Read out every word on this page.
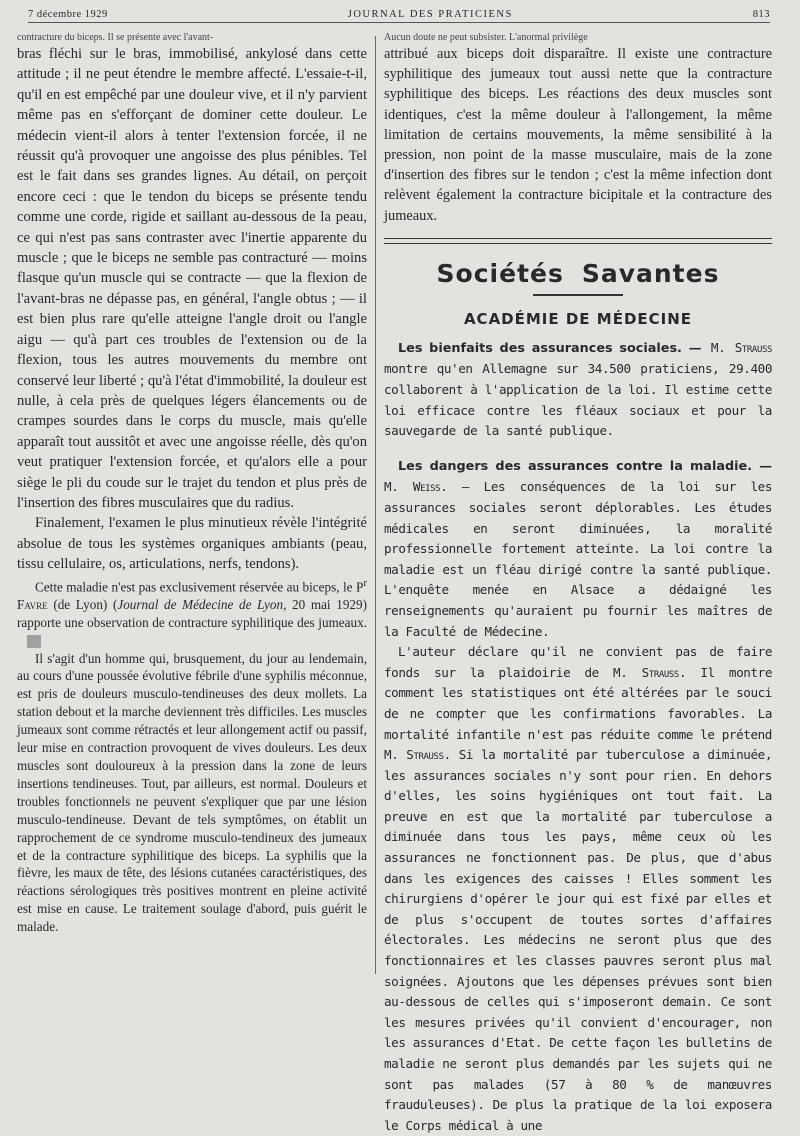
7 décembre 1929	JOURNAL DES PRATICIENS	813

contracture du biceps. Il se présente avec l'avant-

bras fléchi sur le bras, immobilisé, ankylosé dans cette attitude ; il ne peut étendre le membre affecté. L'essaie-t-il, qu'il en est empêché par une douleur vive, et il n'y parvient même pas en s'efforçant de dominer cette douleur. Le médecin vient-il alors à tenter l'extension forcée, il ne réussit qu'à provoquer une angoisse des plus pénibles. Tel est le fait dans ses grandes lignes. Au détail, on perçoit encore ceci : que le tendon du biceps se présente tendu comme une corde, rigide et saillant au-dessous de la peau, ce qui n'est pas sans contraster avec l'inertie apparente du muscle ; que le biceps ne semble pas contracturé — moins flasque qu'un muscle qui se contracte — que la flexion de l'avant-bras ne dépasse pas, en général, l'angle obtus ; — il est bien plus rare qu'elle atteigne l'angle droit ou l'angle aigu — qu'à part ces troubles de l'extension ou de la flexion, tous les autres mouvements du membre ont conservé leur liberté ; qu'à l'état d'immobilité, la douleur est nulle, à cela près de quelques légers élancements ou de crampes sourdes dans le corps du muscle, mais qu'elle apparaît tout aussitôt et avec une angoisse réelle, dès qu'on veut pratiquer l'extension forcée, et qu'alors elle a pour siège le pli du coude sur le trajet du tendon et plus près de l'insertion des fibres musculaires que du radius.

Finalement, l'examen le plus minutieux révèle l'intégrité absolue de tous les systèmes organiques ambiants (peau, tissu cellulaire, os, articulations, nerfs, tendons).

Cette maladie n'est pas exclusivement réservée au biceps, le $P^r$ Favre (de Lyon) (Journal de Médecine de Lyon, 20 mai 1929) rapporte une observation de contracture syphilitique des jumeaux.

Il s'agit d'un homme qui, brusquement, du jour au lendemain, au cours d'une poussée évolutive fébrile d'une syphilis méconnue, est pris de douleurs musculo-tendineuses des deux mollets. La station debout et la marche deviennent très difficiles. Les muscles jumeaux sont comme rétractés et leur allongement actif ou passif, leur mise en contraction provoquent de vives douleurs. Les deux muscles sont douloureux à la pression dans la zone de leurs insertions tendineuses. Tout, par ailleurs, est normal. Douleurs et troubles fonctionnels ne peuvent s'expliquer que par une lésion musculo-tendineuse. Devant de tels symptômes, on établit un rapprochement de ce syndrome musculo-tendineux des jumeaux et de la contracture syphilitique des biceps. La syphilis que la fièvre, les maux de tête, des lésions cutanées caractéristiques, des réactions sérologiques très positives montrent en pleine activité est mise en cause. Le traitement soulage d'abord, puis guérit le malade.

Aucun doute ne peut subsister. L'anormal privilège

attribué aux biceps doit disparaître. Il existe une contracture syphilitique des jumeaux tout aussi nette que la contracture syphilitique des biceps. Les réactions des deux muscles sont identiques, c'est la même douleur à l'allongement, la même limitation de certains mouvements, la même sensibilité à la pression, non point de la masse musculaire, mais de la zone d'insertion des fibres sur le tendon ; c'est la même infection dont relèvent également la contracture bicipitale et la contracture des jumeaux.

Sociétés Savantes
ACADÉMIE DE MÉDECINE

Les bienfaits des assurances sociales. — M. Strauss montre qu'en Allemagne sur 34.500 praticiens, 29.400 collaborent à l'application de la loi. Il estime cette loi efficace contre les fléaux sociaux et pour la sauvegarde de la santé publique.

Les dangers des assurances contre la maladie. — M. Weiss. — Les conséquences de la loi sur les assurances sociales seront déplorables. Les études médicales en seront diminuées, la moralité professionnelle fortement atteinte. La loi contre la maladie est un fléau dirigé contre la santé publique. L'enquête menée en Alsace a dédaigné les renseignements qu'auraient pu fournir les maîtres de la Faculté de Médecine.

L'auteur déclare qu'il ne convient pas de faire fonds sur la plaidoirie de M. Strauss. Il montre comment les statistiques ont été altérées par le souci de ne compter que les confirmations favorables. La mortalité infantile n'est pas réduite comme le prétend M. Strauss. Si la mortalité par tuberculose a diminuée, les assurances sociales n'y sont pour rien. En dehors d'elles, les soins hygiéniques ont tout fait. La preuve en est que la mortalité par tuberculose a diminuée dans tous les pays, même ceux où les assurances ne fonctionnent pas. De plus, que d'abus dans les exigences des caisses ! Elles somment les chirurgiens d'opérer le jour qui est fixé par elles et de plus s'occupent de toutes sortes d'affaires électorales. Les médecins ne seront plus que des fonctionnaires et les classes pauvres seront plus mal soignées. Ajoutons que les dépenses prévues sont bien au-dessous de celles qui s'imposeront demain. Ce sont les mesures privées qu'il convient d'encourager, non les assurances d'Etat. De cette façon les bulletins de maladie ne seront plus demandés par les sujets qui ne sont pas malades (57 à 80 % de manœuvres frauduleuses). De plus la pratique de la loi exposera le Corps médical à une
